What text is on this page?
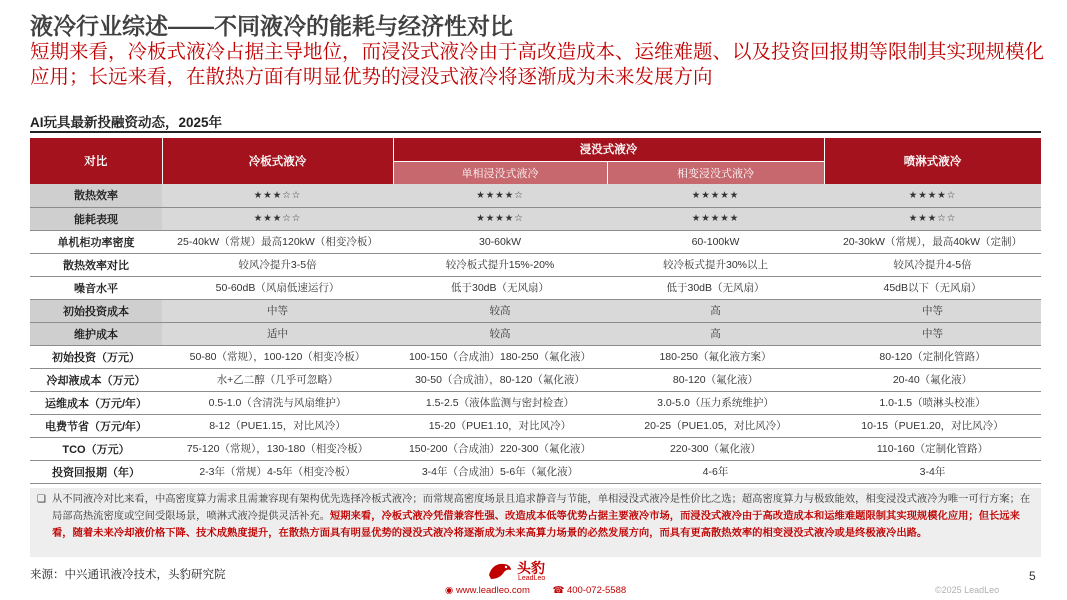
液冷行业综述——不同液冷的能耗与经济性对比
短期来看，冷板式液冷占据主导地位，而浸没式液冷由于高改造成本、运维难题、以及投资回报期等限制其实现规模化应用；长远来看，在散热方面有明显优势的浸没式液冷将逐渐成为未来发展方向
AI玩具最新投融资动态，2025年
对比	冷板式液冷	浸没式液冷		喷淋式液冷
		单相浸没式液冷	相变浸没式液冷	
散热效率	★★★☆☆	★★★★☆	★★★★★	★★★★☆
能耗表现	★★★☆☆	★★★★☆	★★★★★	★★★☆☆
单机柜功率密度	25-40kW（常规）最高120kW（相变冷板）	30-60kW	60-100kW	20-30kW（常规），最高40kW（定制）
散热效率对比	较风冷提升3-5倍	较冷板式提升15%-20%	较冷板式提升30%以上	较风冷提升4-5倍
噪音水平	50-60dB（风扇低速运行）	低于30dB（无风扇）	低于30dB（无风扇）	45dB以下（无风扇）
初始投资成本	中等	较高	高	中等
维护成本	适中	较高	高	中等
初始投资（万元）	50-80（常规），100-120（相变冷板）	100-150（合成油）180-250（氟化液）	180-250（氟化液方案）	80-120（定制化管路）
冷却液成本（万元）	水+乙二醇（几乎可忽略）	30-50（合成油），80-120（氟化液）	80-120（氟化液）	20-40（氟化液）
运维成本（万元/年）	0.5-1.0（含清洗与风扇维护）	1.5-2.5（液体监测与密封检查）	3.0-5.0（压力系统维护）	1.0-1.5（喷淋头校准）
电费节省（万元/年）	8-12（PUE1.15，对比风冷）	15-20（PUE1.10，对比风冷）	20-25（PUE1.05，对比风冷）	10-15（PUE1.20，对比风冷）
TCO（万元）	75-120（常规），130-180（相变冷板）	150-200（合成油）220-300（氟化液）	220-300（氟化液）	110-160（定制化管路）
投资回报期（年）	2-3年（常规）4-5年（相变冷板）	3-4年（合成油）5-6年（氟化液）	4-6年	3-4年
❑ 从不同液冷对比来看，中高密度算力需求且需兼容现有架构优先选择冷板式液冷；而常规高密度场景且追求静音与节能，单相浸没式液冷是性价比之选；超高密度算力与极致能效，相变浸没式液冷为唯一可行方案；在局部高热流密度或空间受限场景，喷淋式液冷提供灵活补充。短期来看，冷板式液冷凭借兼容性强、改造成本低等优势占据主要液冷市场，而浸没式液冷由于高改造成本和运维难题限制其实现规模化应用；但长远来看，随着未来冷却液价格下降、技术成熟度提升，在散热方面具有明显优势的浸没式液冷将逐渐成为未来高算力场景的必然发展方向，而具有更高散热效率的相变浸没式液冷或是终极液冷出路。
来源：中兴通讯液冷技术，头豹研究院	头豹
LeadLeo
◉ www.leadleo.com ☎ 400-072-5588
5
©2025 LeadLeo
